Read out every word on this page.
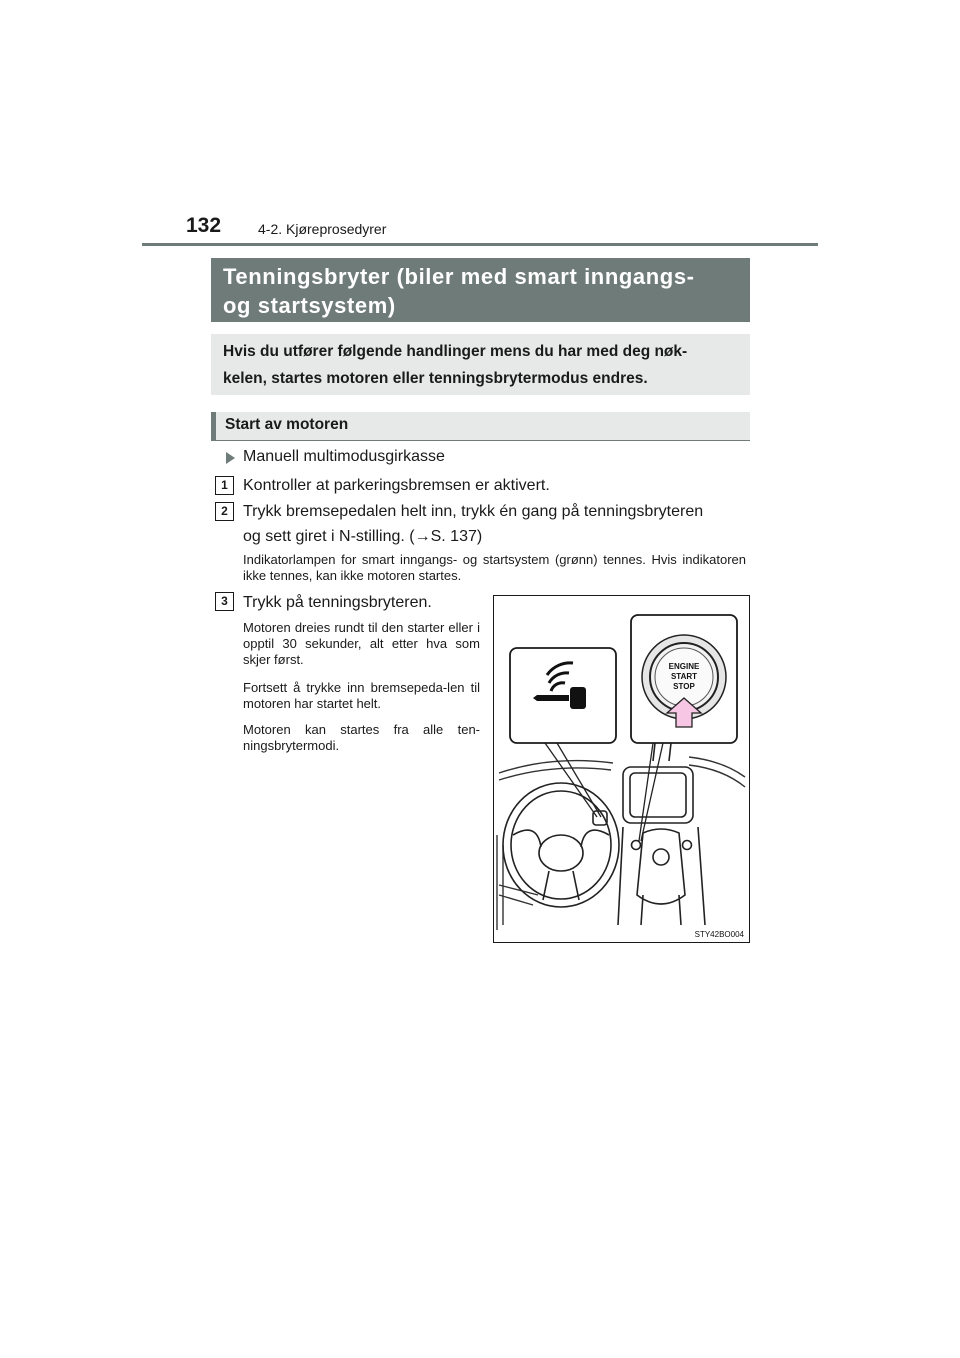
132	4-2. Kjøreprosedyrer
Tenningsbryter (biler med smart inngangs-
og startsystem)
Hvis du utfører følgende handlinger mens du har med deg nøk-
kelen, startes motoren eller tenningsbrytermodus endres.
Start av motoren
Manuell multimodusgirkasse
1 Kontroller at parkeringsbremsen er aktivert.
2 Trykk bremsepedalen helt inn, trykk én gang på tenningsbryteren
og sett giret i N-stilling. (→S. 137)
Indikatorlampen for smart inngangs- og startsystem (grønn) tennes. Hvis indikatoren ikke tennes, kan ikke motoren startes.
3 Trykk på tenningsbryteren.
Motoren dreies rundt til den starter eller i opptil 30 sekunder, alt etter hva som skjer først.
Fortsett å trykke inn bremsepeda-len til motoren har startet helt.
Motoren kan startes fra alle ten-ningsbrytermodi.
ENGINE
START
STOP
STY42BO004
